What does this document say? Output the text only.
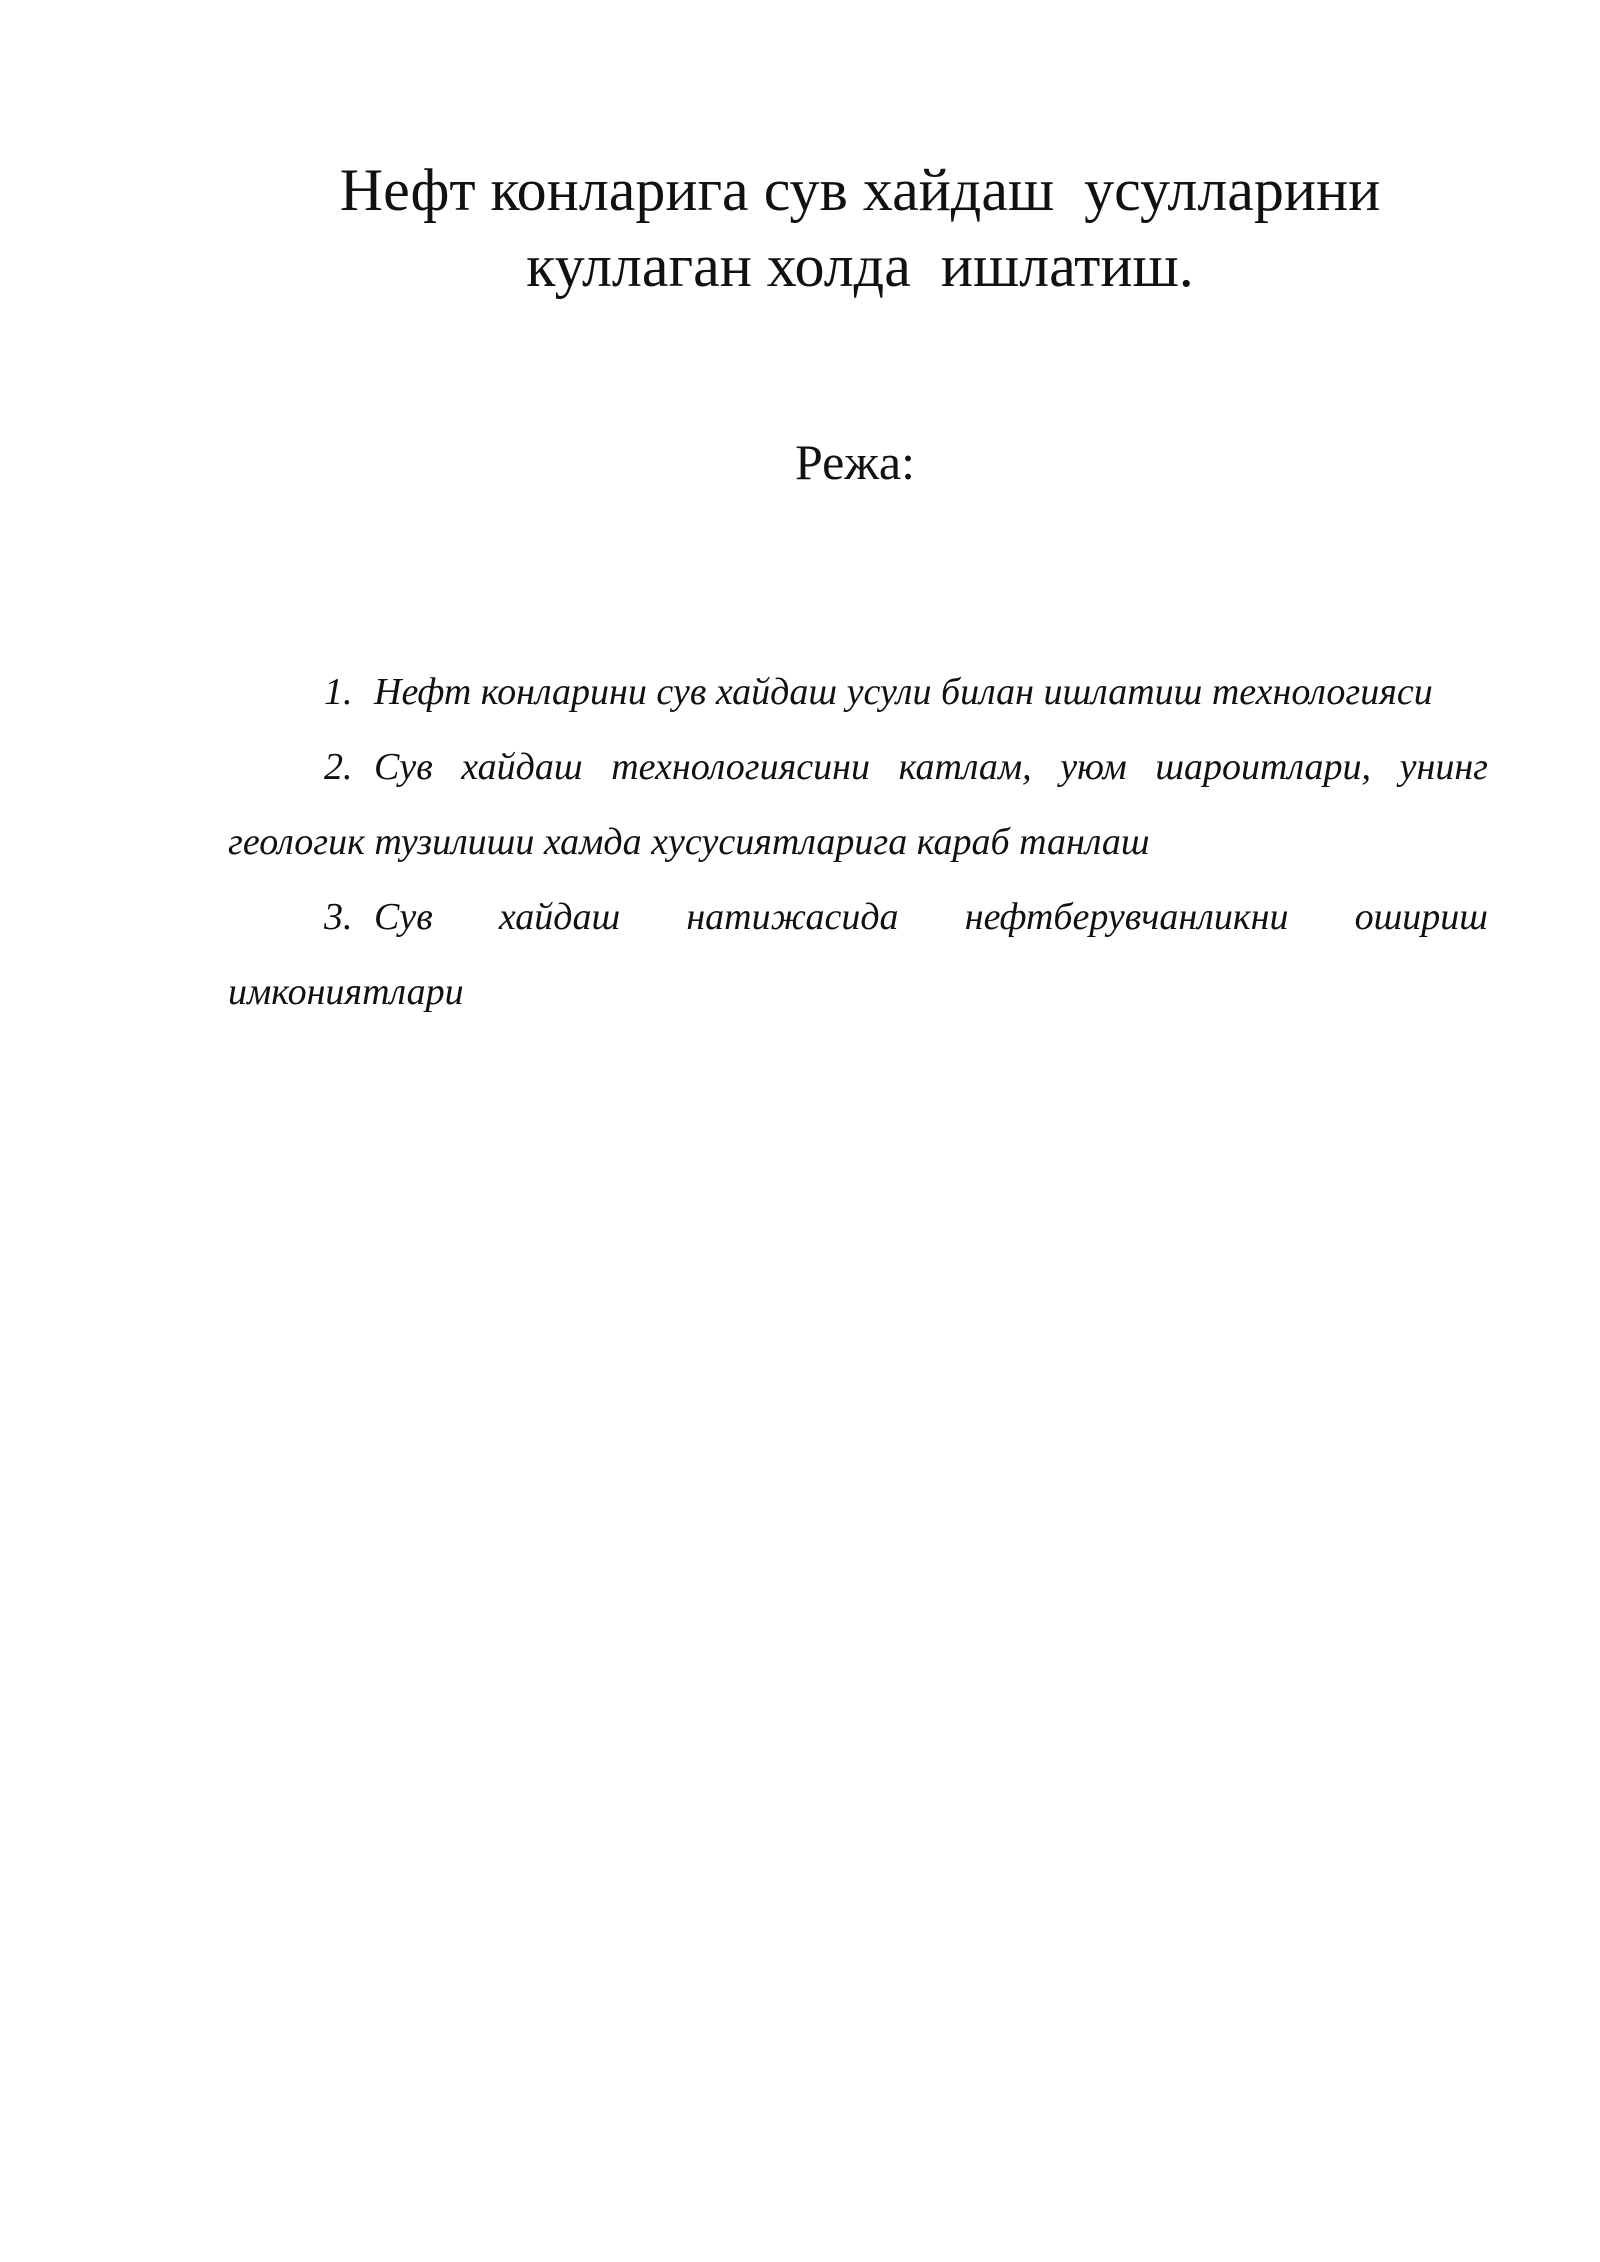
Нефт конларига сув хайдаш  усулларини
куллаган холда  ишлатиш.
Режа:
1. Нефт конларини сув хайдаш усули билан ишлатиш технологияси
2. Сув хайдаш технологиясини катлам, уюм шароитлари, унинг геологик тузилиши хамда хусусиятларига караб танлаш
3. Сув хайдаш натижасида нефтберувчанликни ошириш имкониятлари
